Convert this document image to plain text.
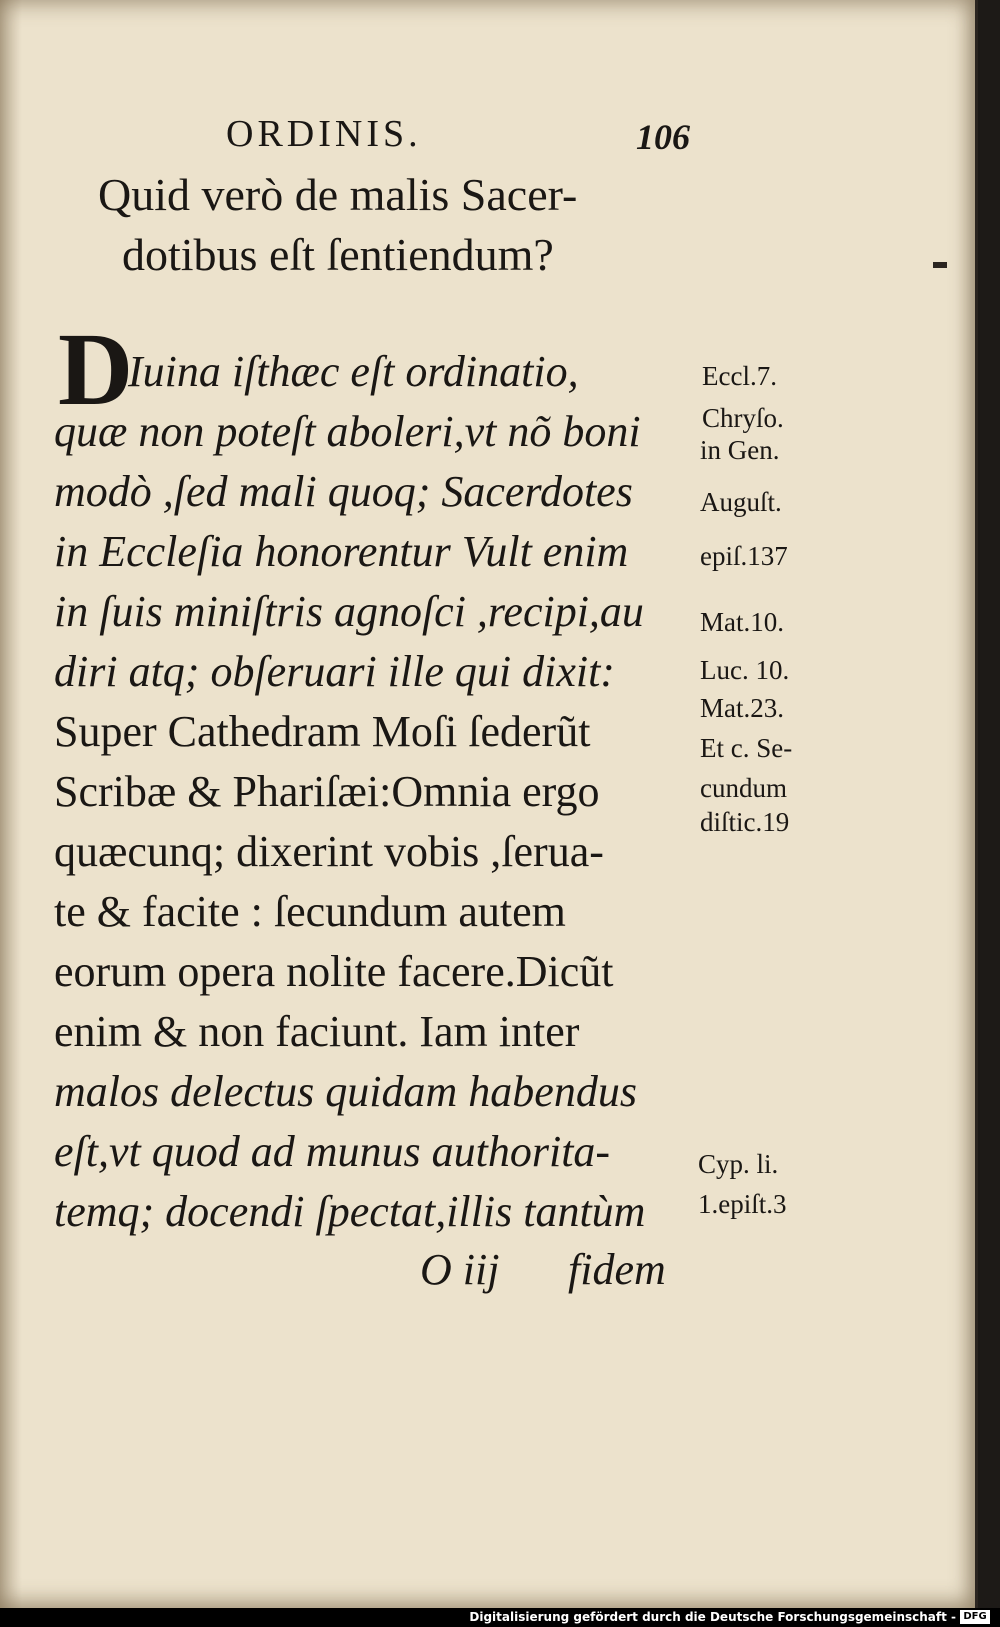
ORDINIS.	106
Quid verò de malis Sacer-
dotibus eſt ſentiendum?
D
Iuina iſthæc eſt ordinatio,
quæ non poteſt aboleri,vt nõ boni
modò ,ſed mali quoq; Sacerdotes
in Eccleſia honorentur Vult enim
in ſuis miniſtris agnoſci ,recipi,au
diri atq; obſeruari ille qui dixit:
Super Cathedram Moſi ſederũt
Scribæ & Phariſæi:Omnia ergo
quæcunq; dixerint vobis ,ſerua-
te & facite : ſecundum autem
eorum opera nolite facere.Dicũt
enim & non faciunt. Iam inter
malos delectus quidam habendus
eſt,vt quod ad munus authorita-
temq; docendi ſpectat,illis tantùm
O iij fidem
Eccl.7.
Chryſo.
in Gen.
Auguſt.
epiſ.137
Mat.10.
Luc. 10.
Mat.23.
Et c. Se-
cundum
diſtic.19
Cyp. li.
1.epiſt.3
Digitalisierung gefördert durch die Deutsche Forschungsgemeinschaft - DFG
